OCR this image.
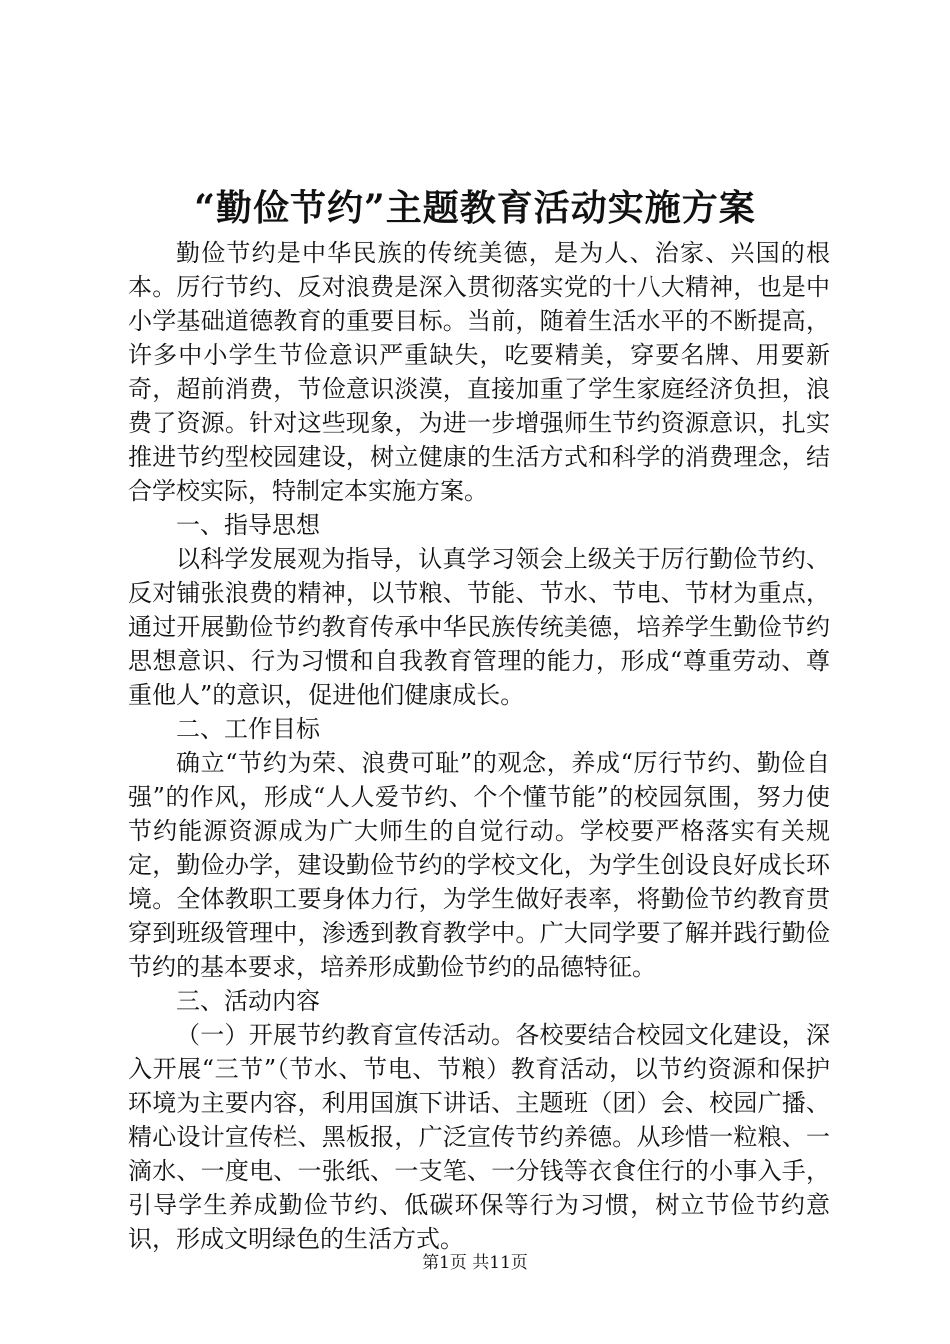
“勤俭节约”主题教育活动实施方案

勤俭节约是中华民族的传统美德，是为人、治家、兴国的根本。厉行节约、反对浪费是深入贯彻落实党的十八大精神，也是中小学基础道德教育的重要目标。当前，随着生活水平的不断提高，许多中小学生节俭意识严重缺失，吃要精美，穿要名牌、用要新奇，超前消费，节俭意识淡漠，直接加重了学生家庭经济负担，浪费了资源。针对这些现象，为进一步增强师生节约资源意识，扎实推进节约型校园建设，树立健康的生活方式和科学的消费理念，结合学校实际，特制定本实施方案。

一、指导思想

以科学发展观为指导，认真学习领会上级关于厉行勤俭节约、反对铺张浪费的精神，以节粮、节能、节水、节电、节材为重点，通过开展勤俭节约教育传承中华民族传统美德，培养学生勤俭节约思想意识、行为习惯和自我教育管理的能力，形成“尊重劳动、尊重他人”的意识，促进他们健康成长。

二、工作目标

确立“节约为荣、浪费可耻”的观念，养成“厉行节约、勤俭自强”的作风，形成“人人爱节约、个个懂节能”的校园氛围，努力使节约能源资源成为广大师生的自觉行动。学校要严格落实有关规定，勤俭办学，建设勤俭节约的学校文化，为学生创设良好成长环境。全体教职工要身体力行，为学生做好表率，将勤俭节约教育贯穿到班级管理中，渗透到教育教学中。广大同学要了解并践行勤俭节约的基本要求，培养形成勤俭节约的品德特征。

三、活动内容

（一）开展节约教育宣传活动。各校要结合校园文化建设，深入开展“三节”（节水、节电、节粮）教育活动，以节约资源和保护环境为主要内容，利用国旗下讲话、主题班（团）会、校园广播、精心设计宣传栏、黑板报，广泛宣传节约养德。从珍惜一粒粮、一滴水、一度电、一张纸、一支笔、一分钱等衣食住行的小事入手，引导学生养成勤俭节约、低碳环保等行为习惯，树立节俭节约意识，形成文明绿色的生活方式。

第1页 共11页
